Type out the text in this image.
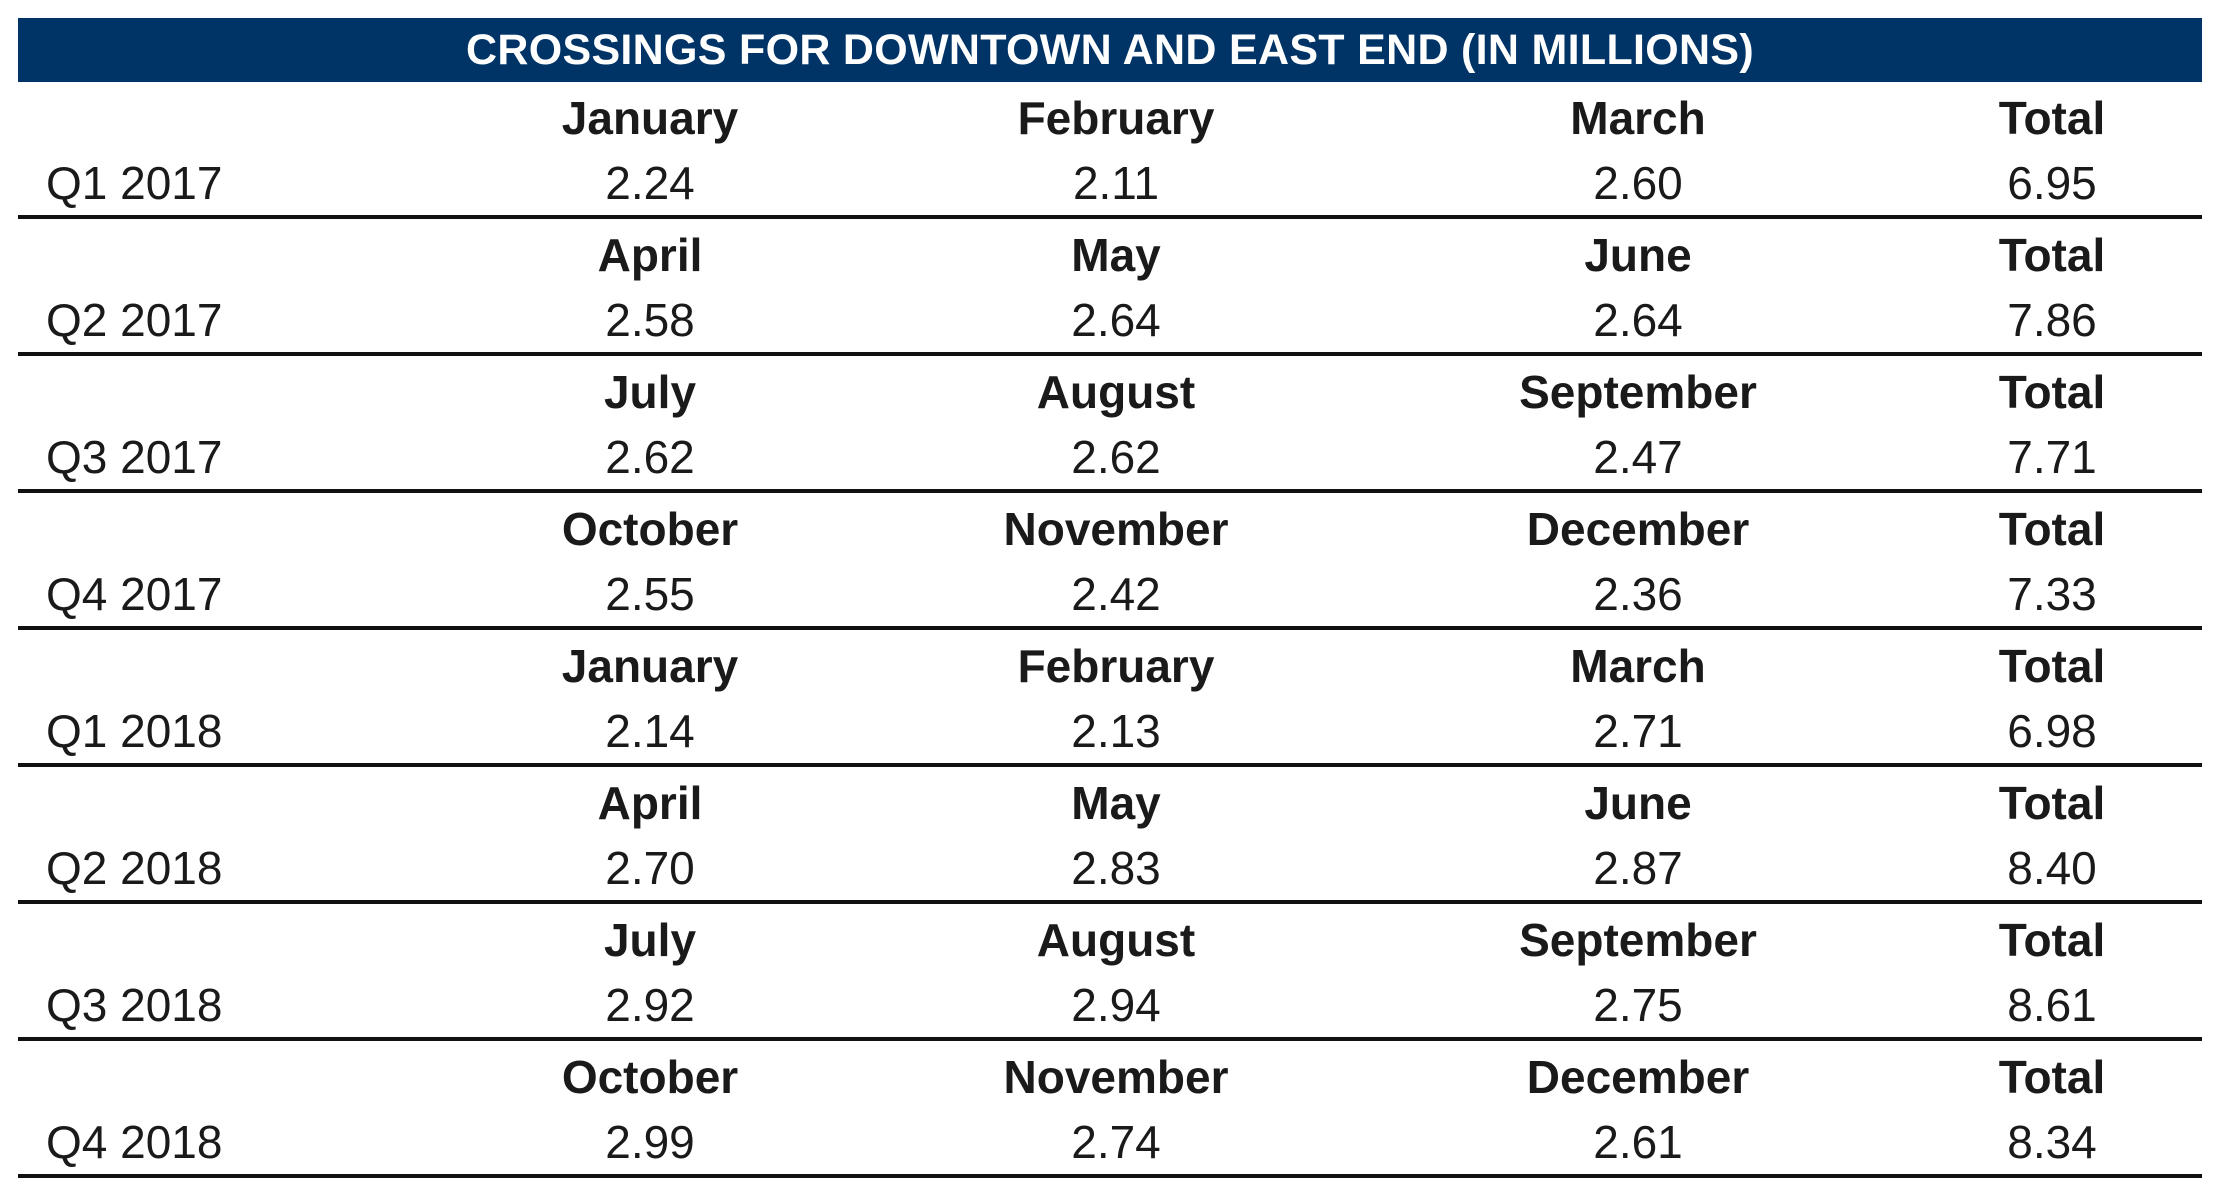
CROSSINGS FOR DOWNTOWN AND EAST END (IN MILLIONS)
Q1 2017
January
2.24
February
2.11
March
2.60
Total
6.95
Q2 2017
April
2.58
May
2.64
June
2.64
Total
7.86
Q3 2017
July
2.62
August
2.62
September
2.47
Total
7.71
Q4 2017
October
2.55
November
2.42
December
2.36
Total
7.33
Q1 2018
January
2.14
February
2.13
March
2.71
Total
6.98
Q2 2018
April
2.70
May
2.83
June
2.87
Total
8.40
Q3 2018
July
2.92
August
2.94
September
2.75
Total
8.61
Q4 2018
October
2.99
November
2.74
December
2.61
Total
8.34
